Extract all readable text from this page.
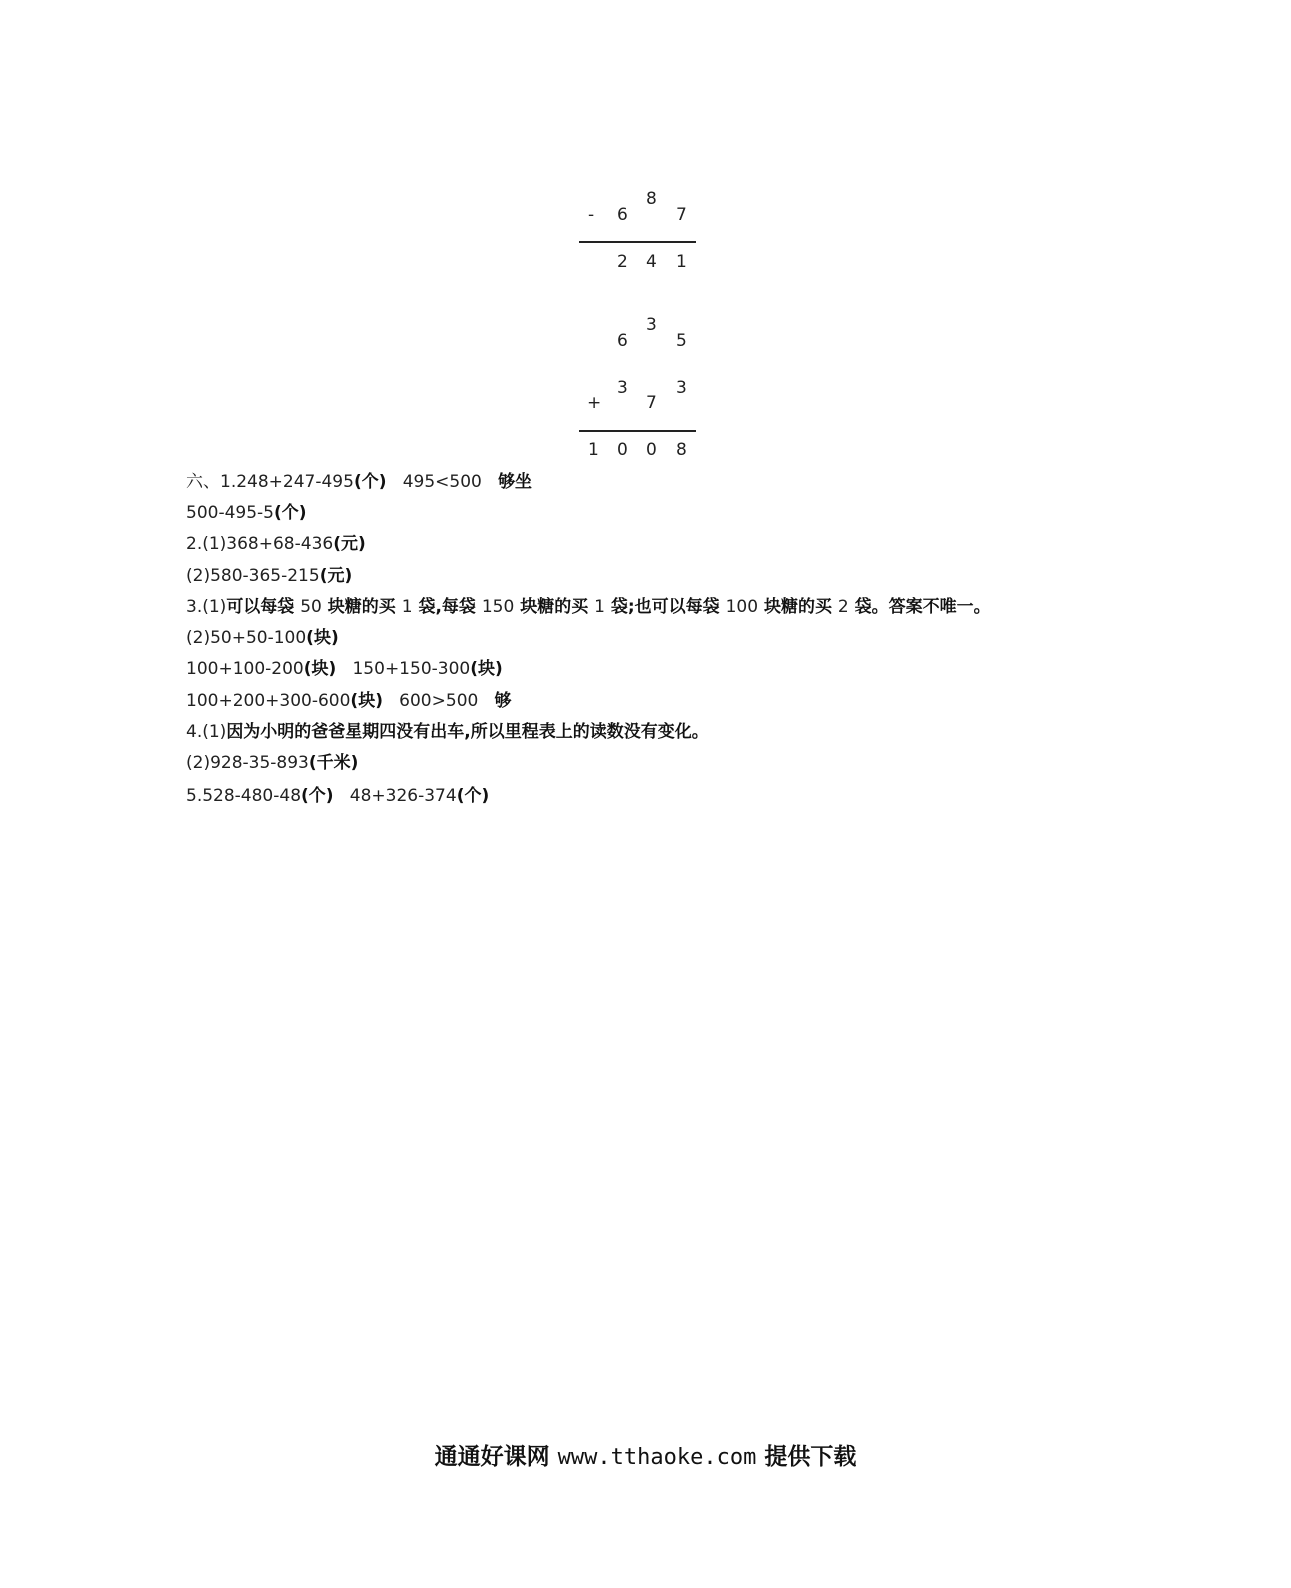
- 6
8
7
2 4 1
6
3
5
+
3
7
3
1 0 0 8
六、1.248+247-495(个)   495<500   够坐
500-495-5(个)
2.(1)368+68-436(元)
(2)580-365-215(元)
3.(1)可以每袋 50 块糖的买 1 袋,每袋 150 块糖的买 1 袋;也可以每袋 100 块糖的买 2 袋。答案不唯一。
(2)50+50-100(块)
100+100-200(块)   150+150-300(块)
100+200+300-600(块)   600>500   够
4.(1)因为小明的爸爸星期四没有出车,所以里程表上的读数没有变化。
(2)928-35-893(千米)
5.528-480-48(个)   48+326-374(个)
通通好课网 www.tthaoke.com 提供下载
